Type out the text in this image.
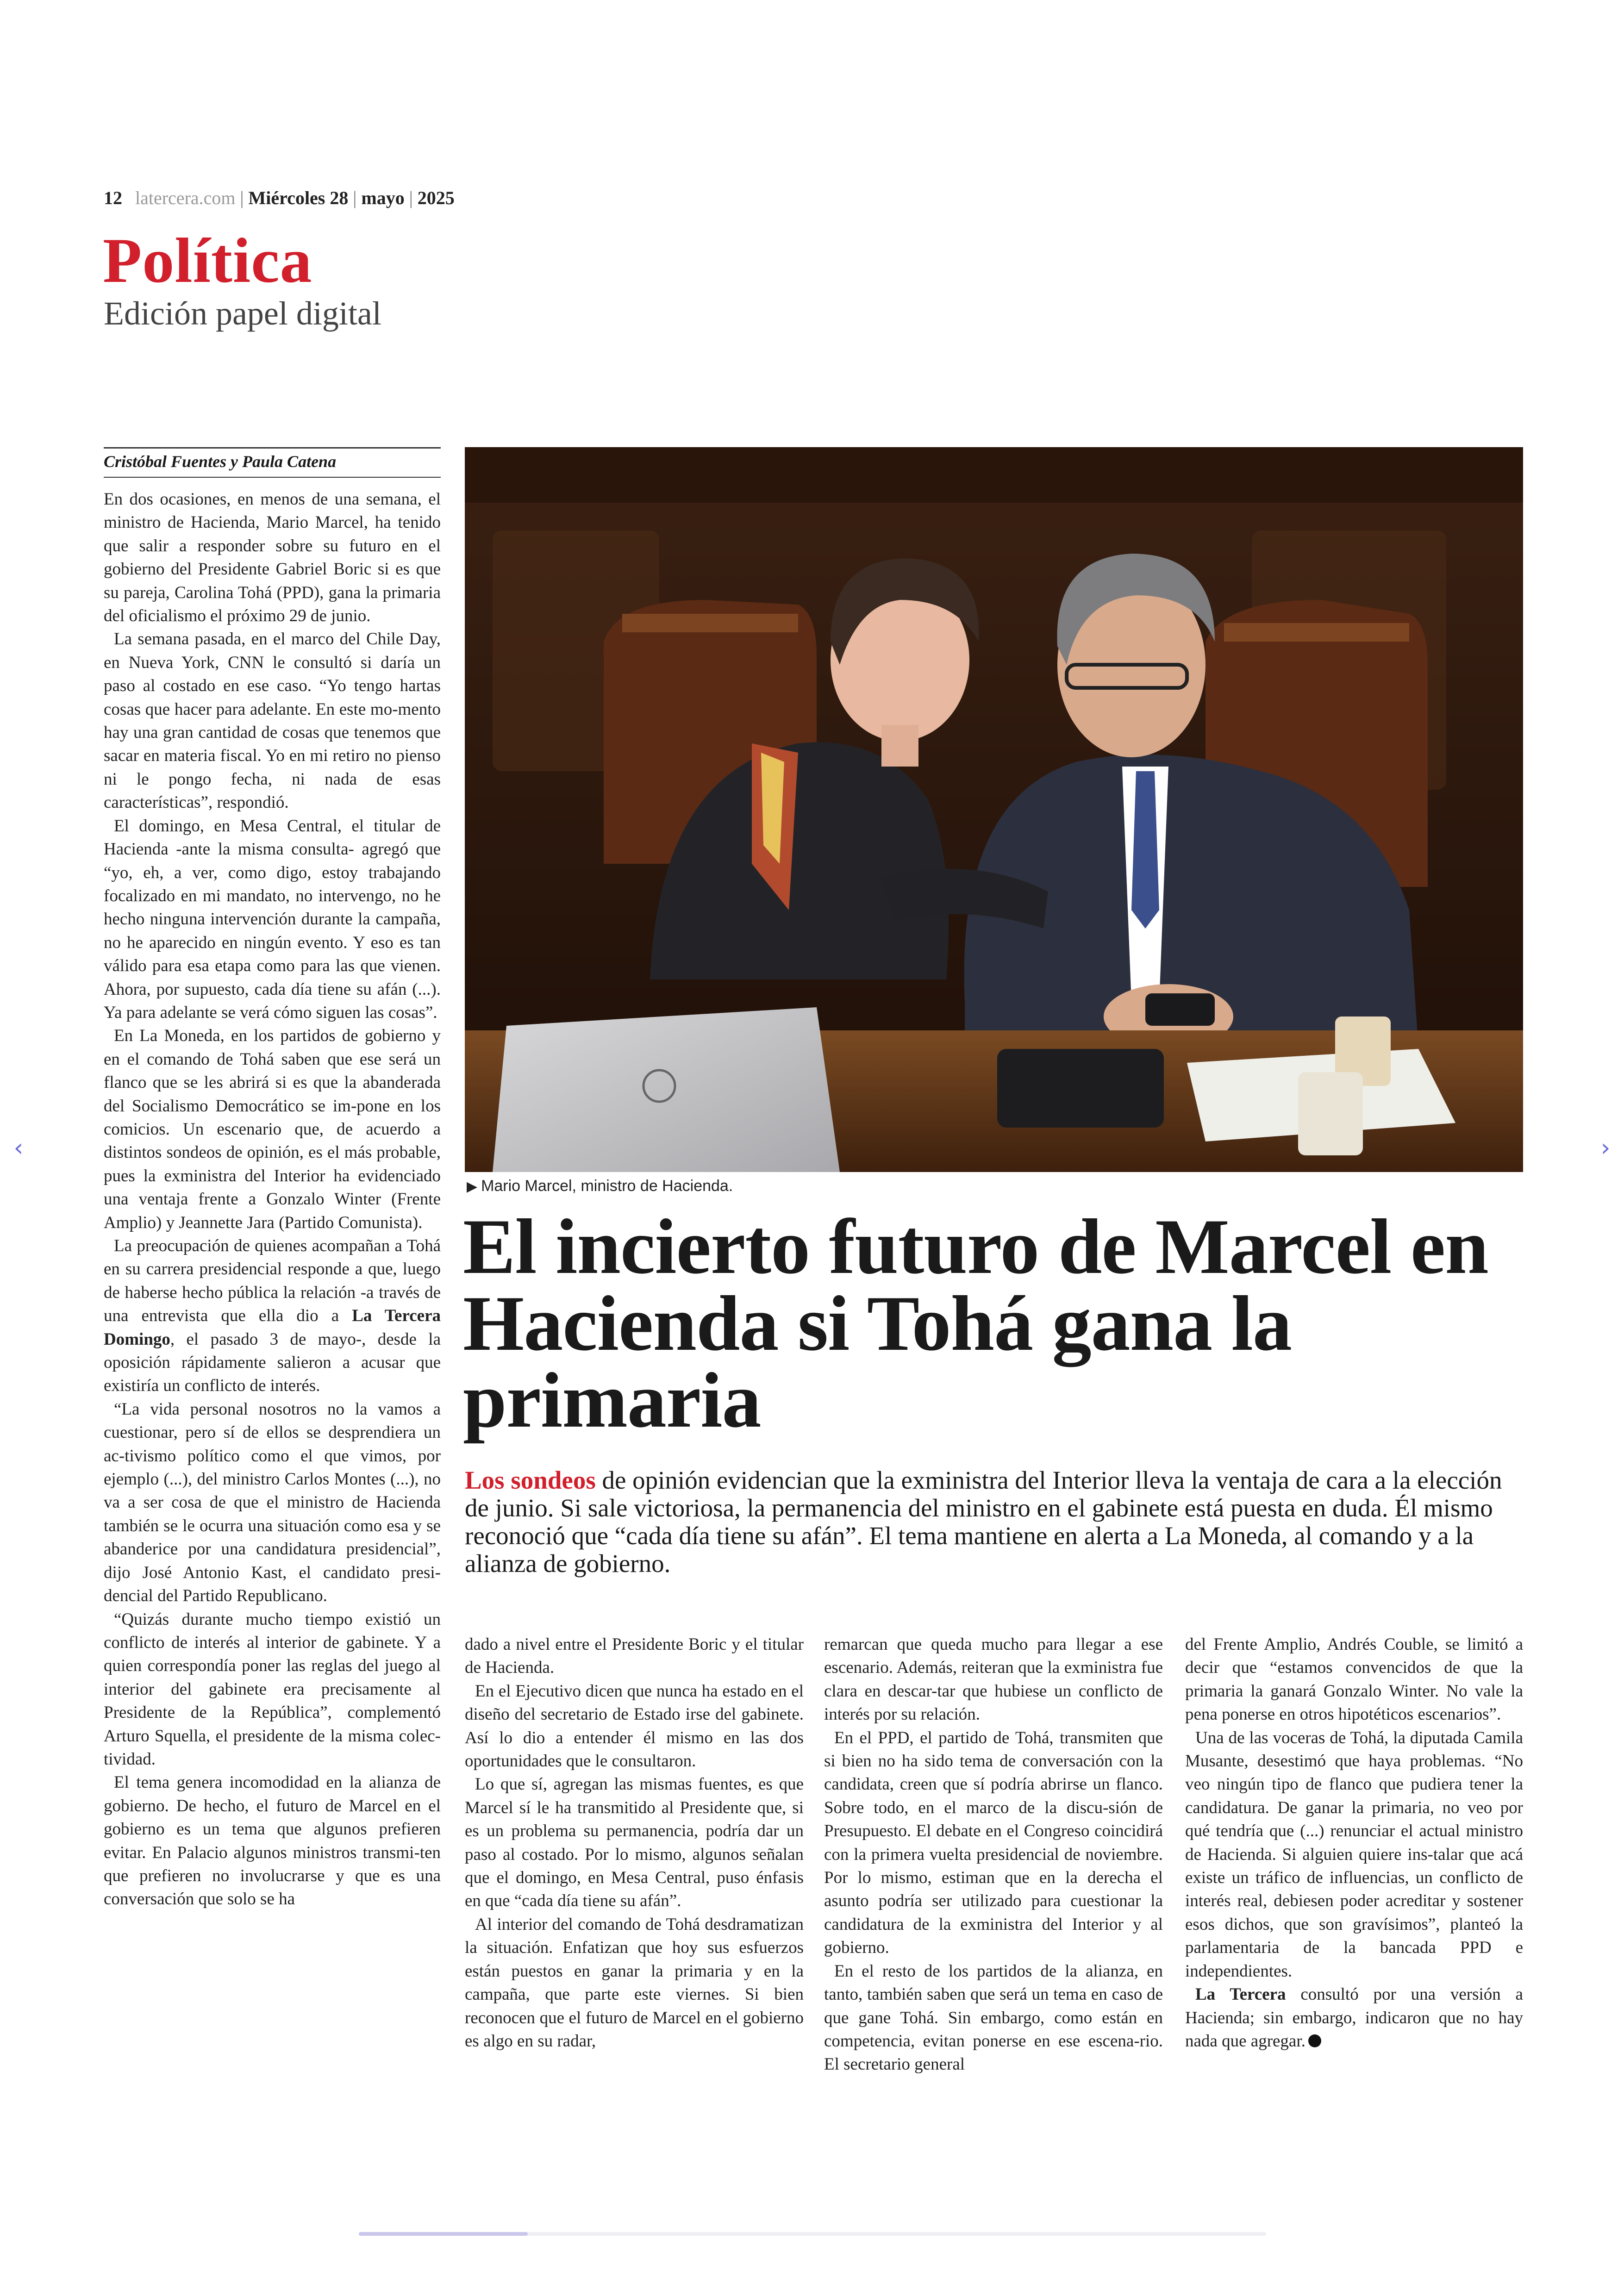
12 latercera.com | Miércoles 28 | mayo | 2025
Política
Edición papel digital
Cristóbal Fuentes y Paula Catena

En dos ocasiones, en menos de una semana, el ministro de Hacienda, Mario Marcel, ha tenido que salir a responder sobre su futuro en el gobierno del Presidente Gabriel Boric si es que su pareja, Carolina Tohá (PPD), gana la primaria del oficialismo el próximo 29 de junio.

La semana pasada, en el marco del Chile Day, en Nueva York, CNN le consultó si daría un paso al costado en ese caso. “Yo tengo hartas cosas que hacer para adelante. En este mo-mento hay una gran cantidad de cosas que tenemos que sacar en materia fiscal. Yo en mi retiro no pienso ni le pongo fecha, ni nada de esas características”, respondió.

El domingo, en Mesa Central, el titular de Hacienda -ante la misma consulta- agregó que “yo, eh, a ver, como digo, estoy trabajando focalizado en mi mandato, no intervengo, no he hecho ninguna intervención durante la campaña, no he aparecido en ningún evento. Y eso es tan válido para esa etapa como para las que vienen. Ahora, por supuesto, cada día tiene su afán (...). Ya para adelante se verá cómo siguen las cosas”.

En La Moneda, en los partidos de gobierno y en el comando de Tohá saben que ese será un flanco que se les abrirá si es que la abanderada del Socialismo Democrático se im-pone en los comicios. Un escenario que, de acuerdo a distintos sondeos de opinión, es el más probable, pues la exministra del Interior ha evidenciado una ventaja frente a Gonzalo Winter (Frente Amplio) y Jeannette Jara (Partido Comunista).

La preocupación de quienes acompañan a Tohá en su carrera presidencial responde a que, luego de haberse hecho pública la relación -a través de una entrevista que ella dio a La Tercera Domingo, el pasado 3 de mayo-, desde la oposición rápidamente salieron a acusar que existiría un conflicto de interés.

“La vida personal nosotros no la vamos a cuestionar, pero sí de ellos se desprendiera un ac-tivismo político como el que vimos, por ejemplo (...), del ministro Carlos Montes (...), no va a ser cosa de que el ministro de Hacienda también se le ocurra una situación como esa y se abanderice por una candidatura presidencial”, dijo José Antonio Kast, el candidato presi-dencial del Partido Republicano.

“Quizás durante mucho tiempo existió un conflicto de interés al interior de gabinete. Y a quien correspondía poner las reglas del juego al interior del gabinete era precisamente al Presidente de la República”, complementó Arturo Squella, el presidente de la misma colec-tividad.

El tema genera incomodidad en la alianza de gobierno. De hecho, el futuro de Marcel en el gobierno es un tema que algunos prefieren evitar. En Palacio algunos ministros transmi-ten que prefieren no involucrarse y que es una conversación que solo se ha

▶ Mario Marcel, ministro de Hacienda.
El incierto futuro de Marcel en Hacienda si Tohá gana la primaria
Los sondeos de opinión evidencian que la exministra del Interior lleva la ventaja de cara a la elección de junio. Si sale victoriosa, la permanencia del ministro en el gabinete está puesta en duda. Él mismo reconoció que “cada día tiene su afán”. El tema mantiene en alerta a La Moneda, al comando y a la alianza de gobierno.

dado a nivel entre el Presidente Boric y el titular de Hacienda.

En el Ejecutivo dicen que nunca ha estado en el diseño del secretario de Estado irse del gabinete. Así lo dio a entender él mismo en las dos oportunidades que le consultaron.

Lo que sí, agregan las mismas fuentes, es que Marcel sí le ha transmitido al Presidente que, si es un problema su permanencia, podría dar un paso al costado. Por lo mismo, algunos señalan que el domingo, en Mesa Central, puso énfasis en que “cada día tiene su afán”.

Al interior del comando de Tohá desdramatizan la situación. Enfatizan que hoy sus esfuerzos están puestos en ganar la primaria y en la campaña, que parte este viernes. Si bien reconocen que el futuro de Marcel en el gobierno es algo en su radar,

remarcan que queda mucho para llegar a ese escenario. Además, reiteran que la exministra fue clara en descar-tar que hubiese un conflicto de interés por su relación.

En el PPD, el partido de Tohá, transmiten que si bien no ha sido tema de conversación con la candidata, creen que sí podría abrirse un flanco. Sobre todo, en el marco de la discu-sión de Presupuesto. El debate en el Congreso coincidirá con la primera vuelta presidencial de noviembre. Por lo mismo, estiman que en la derecha el asunto podría ser utilizado para cuestionar la candidatura de la exministra del Interior y al gobierno.

En el resto de los partidos de la alianza, en tanto, también saben que será un tema en caso de que gane Tohá. Sin embargo, como están en competencia, evitan ponerse en ese escena-rio. El secretario general

del Frente Amplio, Andrés Couble, se limitó a decir que “estamos convencidos de que la primaria la ganará Gonzalo Winter. No vale la pena ponerse en otros hipotéticos escenarios”.

Una de las voceras de Tohá, la diputada Camila Musante, desestimó que haya problemas. “No veo ningún tipo de flanco que pudiera tener la candidatura. De ganar la primaria, no veo por qué tendría que (...) renunciar el actual ministro de Hacienda. Si alguien quiere ins-talar que acá existe un tráfico de influencias, un conflicto de interés real, debiesen poder acreditar y sostener esos dichos, que son gravísimos”, planteó la parlamentaria de la bancada PPD e independientes.

La Tercera consultó por una versión a Hacienda; sin embargo, indicaron que no hay nada que agregar.

‹	›
